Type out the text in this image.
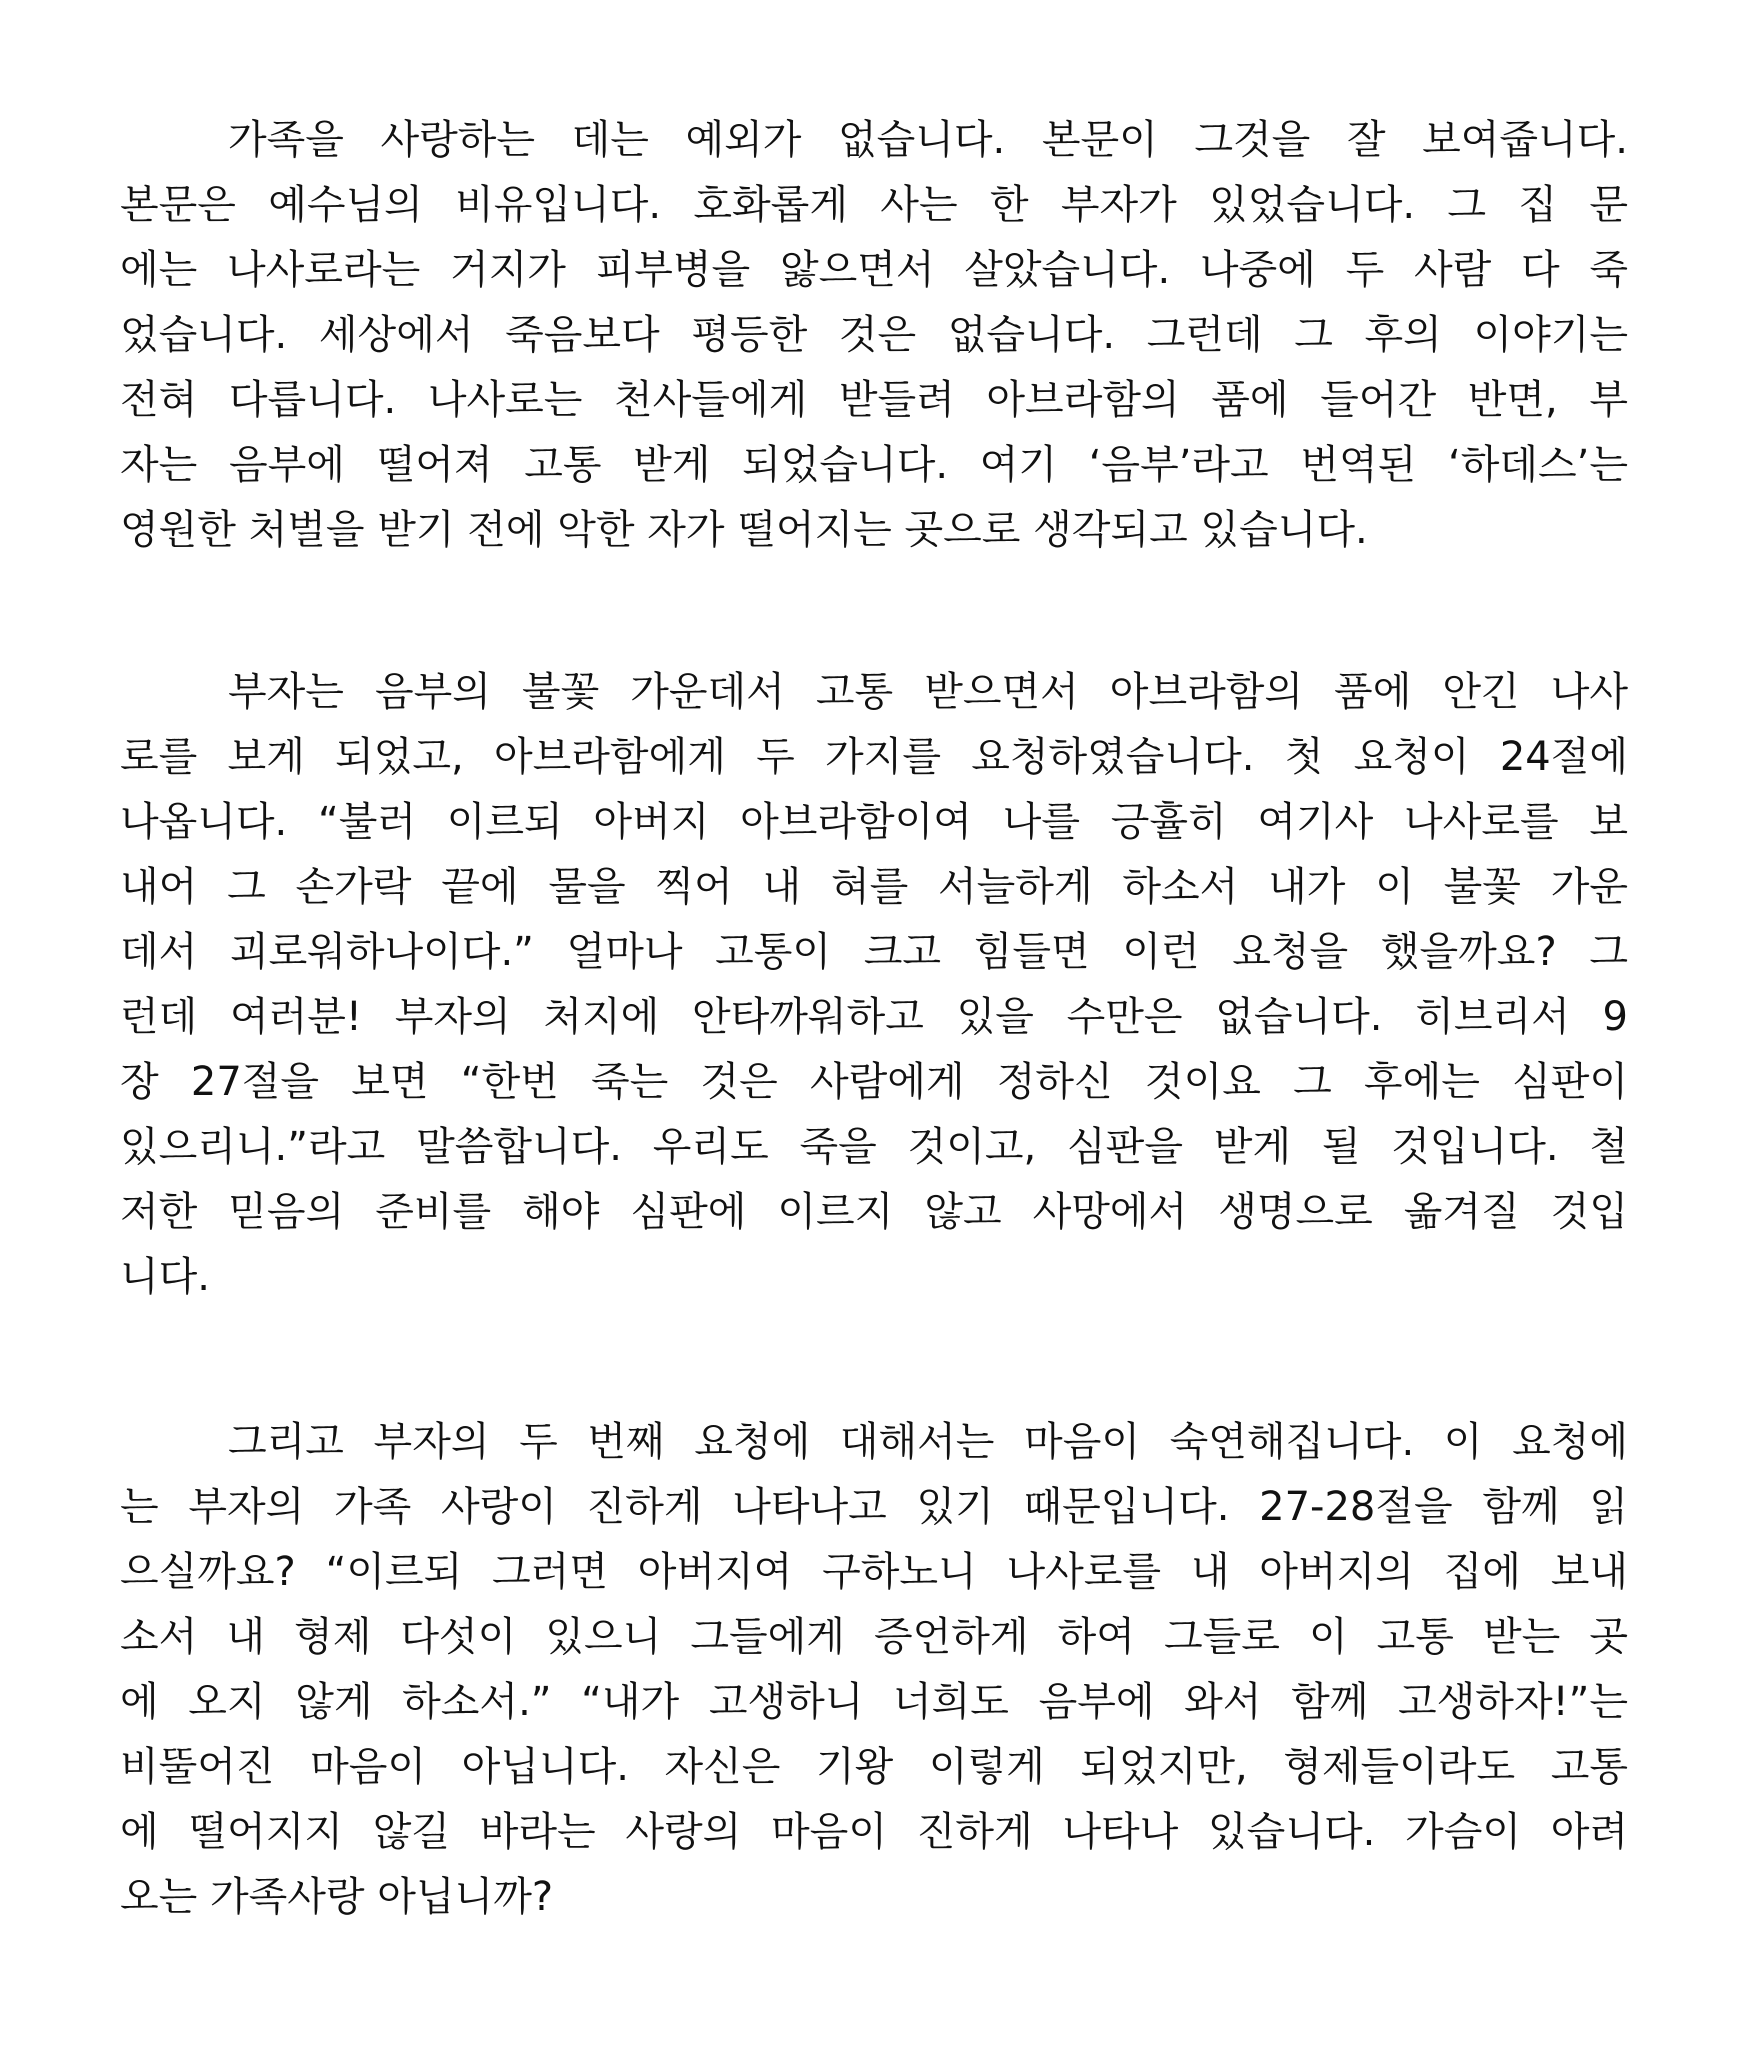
가족을 사랑하는 데는 예외가 없습니다. 본문이 그것을 잘 보여줍니다.
본문은 예수님의 비유입니다. 호화롭게 사는 한 부자가 있었습니다. 그 집 문
에는 나사로라는 거지가 피부병을 앓으면서 살았습니다. 나중에 두 사람 다 죽
었습니다. 세상에서 죽음보다 평등한 것은 없습니다. 그런데 그 후의 이야기는
전혀 다릅니다. 나사로는 천사들에게 받들려 아브라함의 품에 들어간 반면, 부
자는 음부에 떨어져 고통 받게 되었습니다. 여기 ‘음부’라고 번역된 ‘하데스’는
영원한 처벌을 받기 전에 악한 자가 떨어지는 곳으로 생각되고 있습니다.
부자는 음부의 불꽃 가운데서 고통 받으면서 아브라함의 품에 안긴 나사
로를 보게 되었고, 아브라함에게 두 가지를 요청하였습니다. 첫 요청이 24절에
나옵니다. “불러 이르되 아버지 아브라함이여 나를 긍휼히 여기사 나사로를 보
내어 그 손가락 끝에 물을 찍어 내 혀를 서늘하게 하소서 내가 이 불꽃 가운
데서 괴로워하나이다.” 얼마나 고통이 크고 힘들면 이런 요청을 했을까요? 그
런데 여러분! 부자의 처지에 안타까워하고 있을 수만은 없습니다. 히브리서 9
장 27절을 보면 “한번 죽는 것은 사람에게 정하신 것이요 그 후에는 심판이
있으리니.”라고 말씀합니다. 우리도 죽을 것이고, 심판을 받게 될 것입니다. 철
저한 믿음의 준비를 해야 심판에 이르지 않고 사망에서 생명으로 옮겨질 것입
니다.
그리고 부자의 두 번째 요청에 대해서는 마음이 숙연해집니다. 이 요청에
는 부자의 가족 사랑이 진하게 나타나고 있기 때문입니다. 27-28절을 함께 읽
으실까요? “이르되 그러면 아버지여 구하노니 나사로를 내 아버지의 집에 보내
소서 내 형제 다섯이 있으니 그들에게 증언하게 하여 그들로 이 고통 받는 곳
에 오지 않게 하소서.” “내가 고생하니 너희도 음부에 와서 함께 고생하자!”는
비뚤어진 마음이 아닙니다. 자신은 기왕 이렇게 되었지만, 형제들이라도 고통
에 떨어지지 않길 바라는 사랑의 마음이 진하게 나타나 있습니다. 가슴이 아려
오는 가족사랑 아닙니까?
